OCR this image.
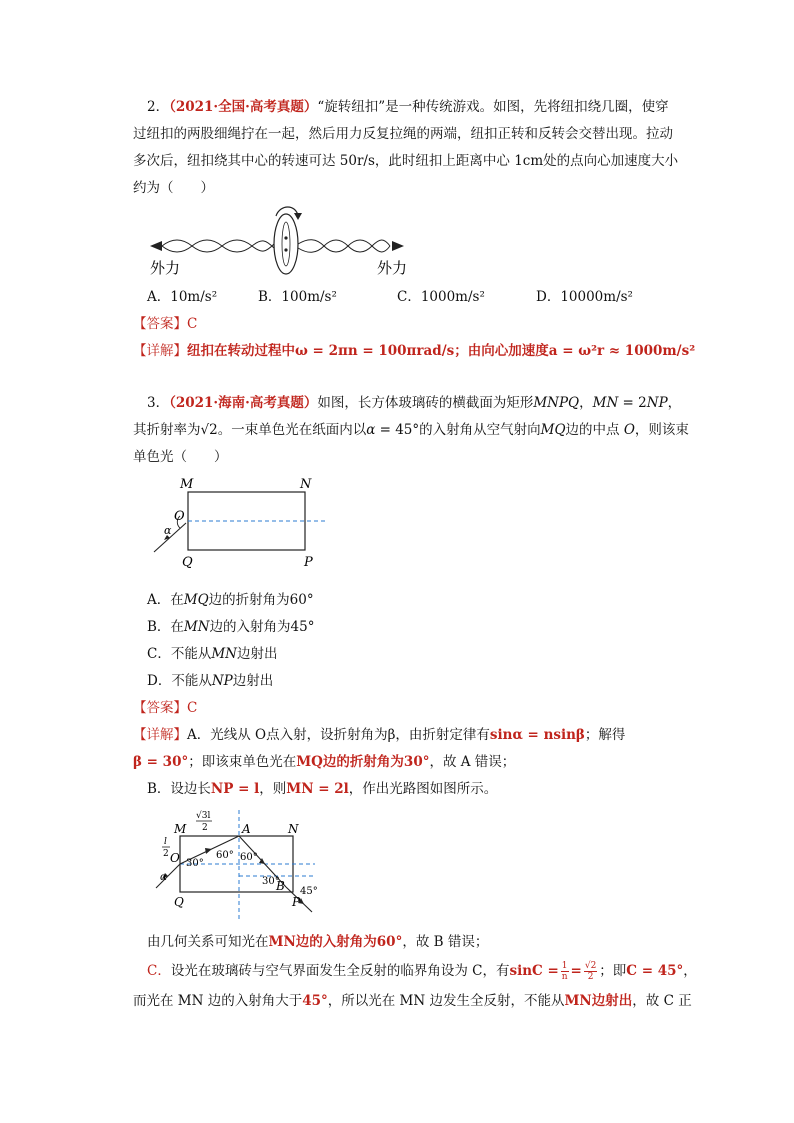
2．（2021·全国·高考真题）“旋转纽扣”是一种传统游戏。如图，先将纽扣绕几圈，使穿
过纽扣的两股细绳拧在一起，然后用力反复拉绳的两端，纽扣正转和反转会交替出现。拉动
多次后，纽扣绕其中心的转速可达 50r/s，此时纽扣上距离中心 1cm处的点向心加速度大小
约为（　　）
外力	外力
A．10m/s²	B．100m/s²	C．1000m/s²	D．10000m/s²
【答案】C
【详解】纽扣在转动过程中ω = 2πn = 100πrad/s；由向心加速度a = ω²r ≈ 1000m/s²
3．（2021·海南·高考真题）如图，长方体玻璃砖的横截面为矩形MNPQ，MN = 2NP，
其折射率为√2。一束单色光在纸面内以α = 45°的入射角从空气射向MQ边的中点 O，则该束
单色光（　　）
M	N
O
α
Q	P
A．在MQ边的折射角为60°
B．在MN边的入射角为45°
C．不能从MN边射出
D．不能从NP边射出
【答案】C
【详解】A．光线从 O点入射，设折射角为β，由折射定律有sinα = nsinβ；解得
β = 30°；即该束单色光在MQ边的折射角为30°，故 A 错误；
B．设边长NP = l，则MN = 2l，作出光路图如图所示。
M	N
A
O
Q	P
B
α
√3l
2
l
2
30°
60° 60°
30°
45°
由几何关系可知光在MN边的入射角为60°，故 B 错误；
C．设光在玻璃砖与空气界面发生全反射的临界角设为 C，有$\sin C = \frac{1}{n} = \frac{√2}{2}$ ；即C = 45°，
而光在 MN 边的入射角大于45°，所以光在 MN 边发生全反射，不能从MN边射出，故 C 正
